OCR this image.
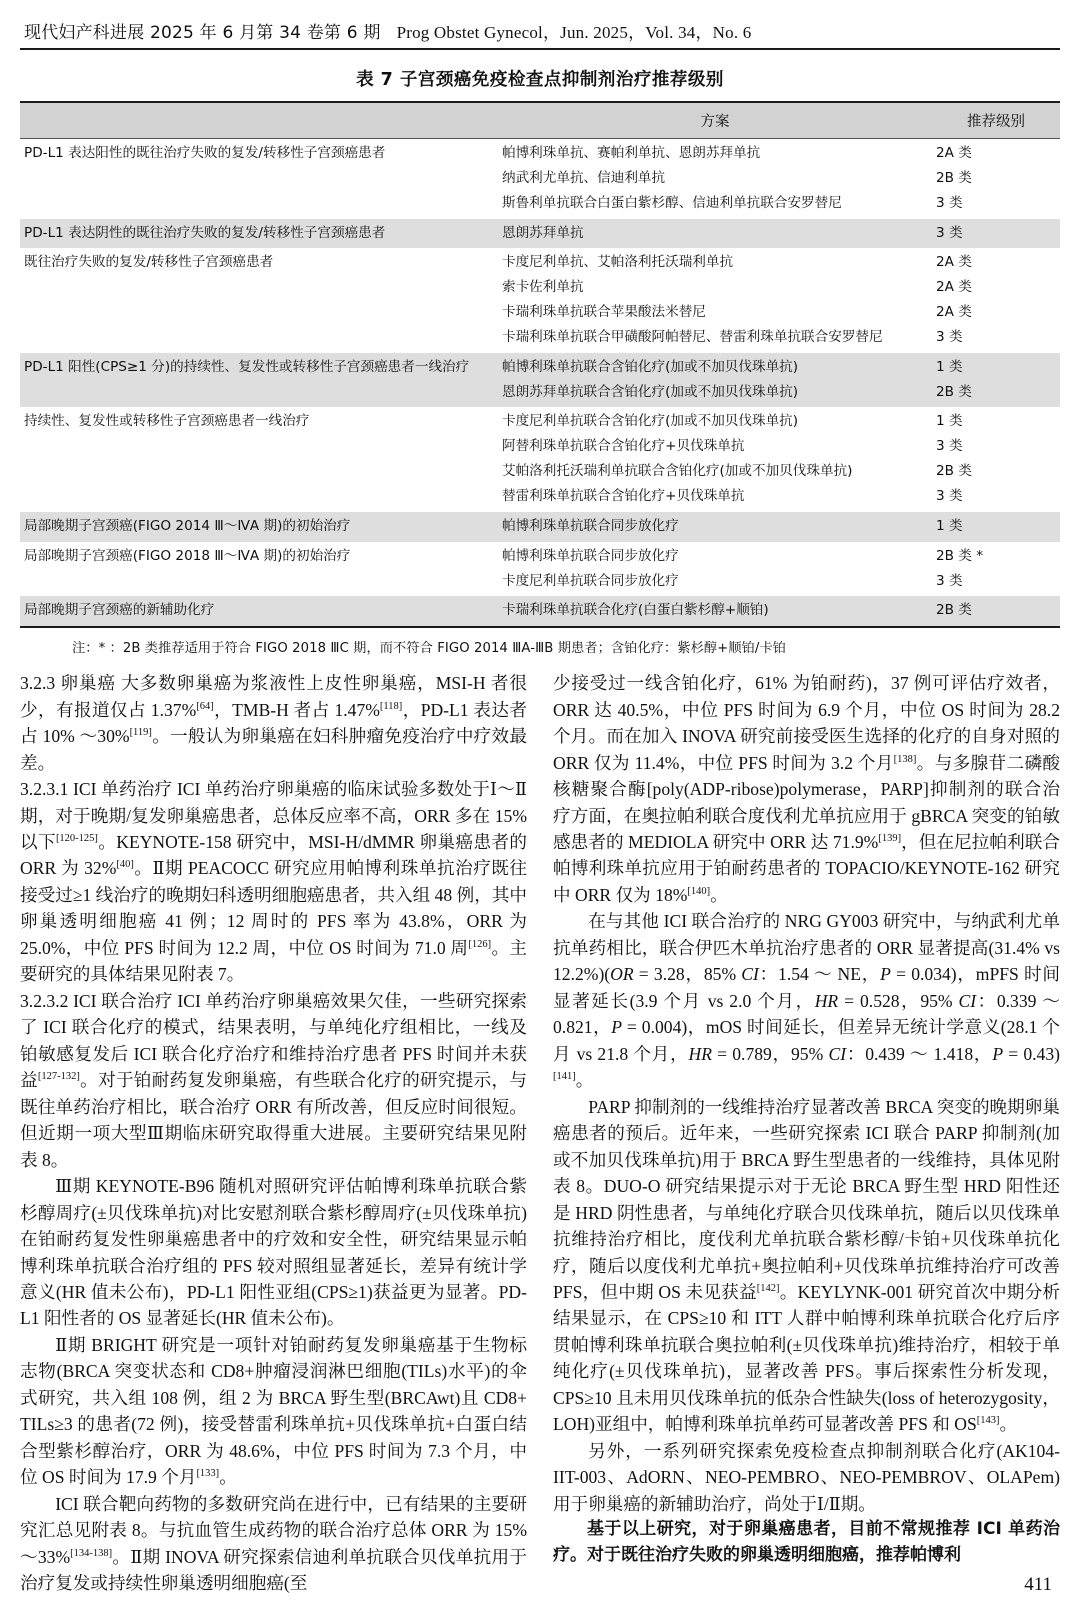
现代妇产科进展 2025 年 6 月第 34 卷第 6 期 Prog Obstet Gynecol，Jun. 2025，Vol. 34，No. 6
表 7 子宫颈癌免疫检查点抑制剂治疗推荐级别
	方案	推荐级别
PD-L1 表达阳性的既往治疗失败的复发/转移性子宫颈癌患者	帕博利珠单抗、赛帕利单抗、恩朗苏拜单抗	2A 类
	纳武利尤单抗、信迪利单抗	2B 类
	斯鲁利单抗联合白蛋白紫杉醇、信迪利单抗联合安罗替尼	3 类
PD-L1 表达阴性的既往治疗失败的复发/转移性子宫颈癌患者	恩朗苏拜单抗	3 类
既往治疗失败的复发/转移性子宫颈癌患者	卡度尼利单抗、艾帕洛利托沃瑞利单抗	2A 类
	索卡佐利单抗	2A 类
	卡瑞利珠单抗联合苹果酸法米替尼	2A 类
	卡瑞利珠单抗联合甲磺酸阿帕替尼、替雷利珠单抗联合安罗替尼	3 类
PD-L1 阳性(CPS≥1 分)的持续性、复发性或转移性子宫颈癌患者一线治疗	帕博利珠单抗联合含铂化疗(加或不加贝伐珠单抗)	1 类
	恩朗苏拜单抗联合含铂化疗(加或不加贝伐珠单抗)	2B 类
持续性、复发性或转移性子宫颈癌患者一线治疗	卡度尼利单抗联合含铂化疗(加或不加贝伐珠单抗)	1 类
	阿替利珠单抗联合含铂化疗+贝伐珠单抗	3 类
	艾帕洛利托沃瑞利单抗联合含铂化疗(加或不加贝伐珠单抗)	2B 类
	替雷利珠单抗联合含铂化疗+贝伐珠单抗	3 类
局部晚期子宫颈癌(FIGO 2014 Ⅲ～ⅣA 期)的初始治疗	帕博利珠单抗联合同步放化疗	1 类
局部晚期子宫颈癌(FIGO 2018 Ⅲ～ⅣA 期)的初始治疗	帕博利珠单抗联合同步放化疗	2B 类 *
	卡度尼利单抗联合同步放化疗	3 类
局部晚期子宫颈癌的新辅助化疗	卡瑞利珠单抗联合化疗(白蛋白紫杉醇+顺铂)	2B 类
注：* ：2B 类推荐适用于符合 FIGO 2018 ⅢC 期，而不符合 FIGO 2014 ⅢA-ⅢB 期患者；含铂化疗：紫杉醇+顺铂/卡铂

3.2.3 卵巢癌 大多数卵巢癌为浆液性上皮性卵巢癌，MSI-H 者很少，有报道仅占 1.37%[64]，TMB-H 者占 1.47%[118]，PD-L1 表达者占 10% ～30%[119]。一般认为卵巢癌在妇科肿瘤免疫治疗中疗效最差。

3.2.3.1 ICI 单药治疗 ICI 单药治疗卵巢癌的临床试验多数处于Ⅰ～Ⅱ期，对于晚期/复发卵巢癌患者，总体反应率不高，ORR 多在 15% 以下[120-125]。KEYNOTE-158 研究中，MSI-H/dMMR 卵巢癌患者的 ORR 为 32%[40]。Ⅱ期 PEACOCC 研究应用帕博利珠单抗治疗既往接受过≥1 线治疗的晚期妇科透明细胞癌患者，共入组 48 例，其中卵巢透明细胞癌 41 例；12 周时的 PFS 率为 43.8%，ORR 为 25.0%，中位 PFS 时间为 12.2 周，中位 OS 时间为 71.0 周[126]。主要研究的具体结果见附表 7。

3.2.3.2 ICI 联合治疗 ICI 单药治疗卵巢癌效果欠佳，一些研究探索了 ICI 联合化疗的模式，结果表明，与单纯化疗组相比，一线及铂敏感复发后 ICI 联合化疗治疗和维持治疗患者 PFS 时间并未获益[127-132]。对于铂耐药复发卵巢癌，有些联合化疗的研究提示，与既往单药治疗相比，联合治疗 ORR 有所改善，但反应时间很短。但近期一项大型Ⅲ期临床研究取得重大进展。主要研究结果见附表 8。

Ⅲ期 KEYNOTE-B96 随机对照研究评估帕博利珠单抗联合紫杉醇周疗(±贝伐珠单抗)对比安慰剂联合紫杉醇周疗(±贝伐珠单抗)在铂耐药复发性卵巢癌患者中的疗效和安全性，研究结果显示帕博利珠单抗联合治疗组的 PFS 较对照组显著延长，差异有统计学意义(HR 值未公布)，PD-L1 阳性亚组(CPS≥1)获益更为显著。PD-L1 阳性者的 OS 显著延长(HR 值未公布)。

Ⅱ期 BRIGHT 研究是一项针对铂耐药复发卵巢癌基于生物标志物(BRCA 突变状态和 CD8+肿瘤浸润淋巴细胞(TILs)水平)的伞式研究，共入组 108 例，组 2 为 BRCA 野生型(BRCAwt)且 CD8+ TILs≥3 的患者(72 例)，接受替雷利珠单抗+贝伐珠单抗+白蛋白结合型紫杉醇治疗，ORR 为 48.6%，中位 PFS 时间为 7.3 个月，中位 OS 时间为 17.9 个月[133]。

ICI 联合靶向药物的多数研究尚在进行中，已有结果的主要研究汇总见附表 8。与抗血管生成药物的联合治疗总体 ORR 为 15% ～33%[134-138]。Ⅱ期 INOVA 研究探索信迪利单抗联合贝伐单抗用于治疗复发或持续性卵巢透明细胞癌(至

少接受过一线含铂化疗，61% 为铂耐药)，37 例可评估疗效者，ORR 达 40.5%，中位 PFS 时间为 6.9 个月，中位 OS 时间为 28.2 个月。而在加入 INOVA 研究前接受医生选择的化疗的自身对照的 ORR 仅为 11.4%，中位 PFS 时间为 3.2 个月[138]。与多腺苷二磷酸核糖聚合酶[poly(ADP-ribose)polymerase，PARP]抑制剂的联合治疗方面，在奥拉帕利联合度伐利尤单抗应用于 gBRCA 突变的铂敏感患者的 MEDIOLA 研究中 ORR 达 71.9%[139]，但在尼拉帕利联合帕博利珠单抗应用于铂耐药患者的 TOPACIO/KEYNOTE-162 研究中 ORR 仅为 18%[140]。

在与其他 ICI 联合治疗的 NRG GY003 研究中，与纳武利尤单抗单药相比，联合伊匹木单抗治疗患者的 ORR 显著提高(31.4% vs 12.2%)(OR = 3.28，85% CI：1.54 ～ NE，P = 0.034)，mPFS 时间显著延长(3.9 个月 vs 2.0 个月，HR = 0.528，95% CI：0.339 ～ 0.821，P = 0.004)，mOS 时间延长，但差异无统计学意义(28.1 个月 vs 21.8 个月，HR = 0.789，95% CI：0.439 ～ 1.418，P = 0.43)[141]。

PARP 抑制剂的一线维持治疗显著改善 BRCA 突变的晚期卵巢癌患者的预后。近年来，一些研究探索 ICI 联合 PARP 抑制剂(加或不加贝伐珠单抗)用于 BRCA 野生型患者的一线维持，具体见附表 8。DUO-O 研究结果提示对于无论 BRCA 野生型 HRD 阳性还是 HRD 阴性患者，与单纯化疗联合贝伐珠单抗，随后以贝伐珠单抗维持治疗相比，度伐利尤单抗联合紫杉醇/卡铂+贝伐珠单抗化疗，随后以度伐利尤单抗+奥拉帕利+贝伐珠单抗维持治疗可改善 PFS，但中期 OS 未见获益[142]。KEYLYNK-001 研究首次中期分析结果显示，在 CPS≥10 和 ITT 人群中帕博利珠单抗联合化疗后序贯帕博利珠单抗联合奥拉帕利(±贝伐珠单抗)维持治疗，相较于单纯化疗(±贝伐珠单抗)，显著改善 PFS。事后探索性分析发现，CPS≥10 且未用贝伐珠单抗的低杂合性缺失(loss of heterozygosity，LOH)亚组中，帕博利珠单抗单药可显著改善 PFS 和 OS[143]。

另外，一系列研究探索免疫检查点抑制剂联合化疗(AK104-IIT-003、AdORN、NEO-PEMBRO、NEO-PEMBROV、OLAPem)用于卵巢癌的新辅助治疗，尚处于Ⅰ/Ⅱ期。

基于以上研究，对于卵巢癌患者，目前不常规推荐 ICI 单药治疗。对于既往治疗失败的卵巢透明细胞癌，推荐帕博利

411
